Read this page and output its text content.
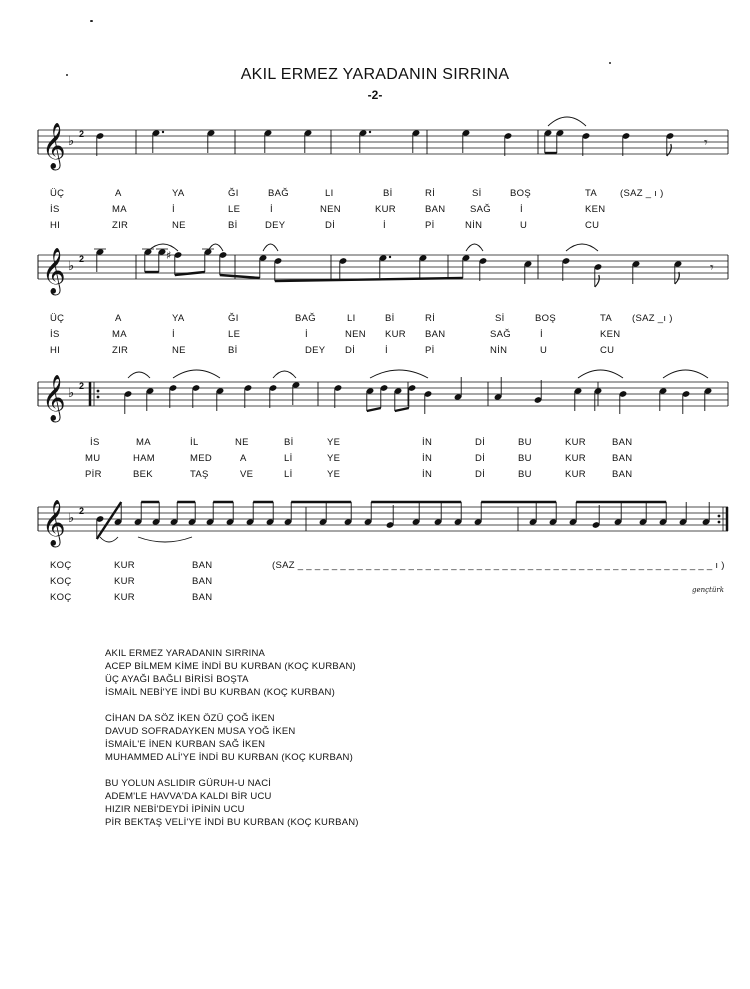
AKIL ERMEZ YARADANIN SIRRINA
-2-
𝄞 ♭ 2
𝄾
ÜÇ	A	YA	ĞI	BAĞ	LI	Bİ	Rİ	Sİ	BOŞ	TA (SAZ _ ı )
İS	MA	İ	LE	İ	NEN	KUR	BAN	SAĞ	İ	KEN
HI	ZIR	NE	Bİ	DEY	Dİ	İ	Pİ	NİN	U	CU
𝄞 ♭ 2	♯
𝄾
ÜÇ	A	YA	ĞI	BAĞ	LI	Bİ	Rİ	Sİ	BOŞ	TA (SAZ _ı )
İS	MA	İ	LE	İ	NEN KUR BAN	SAĞ	İ	KEN
HI	ZIR	NE	Bİ	DEY Dİ	İ	Pİ	NİN	U	CU
𝄞 ♭ 2
İS	MA	İL	NE	Bİ	YE	İN	Dİ	BU	KUR	BAN
MU	HAM	MED	A	Lİ	YE	İN	Dİ	BU	KUR	BAN
PİR	BEK	TAŞ	VE	Lİ	YE	İN	Dİ	BU	KUR	BAN
𝄞 ♭ 2
KOÇ	KUR	BAN	(SAZ _ _ _ _ _ _ _ _ _ _ _ _ _ _ _ _ _ _ _ _ _ _ _ _ _ _ _ _ _ _ _ _ _ _ _ _ _ _ _ _ _ _ _ _ _ _ _ _ _ ı )
KOÇ	KUR	BAN
KOÇ	KUR	BAN
gençtürk
AKIL ERMEZ YARADANIN SIRRINA
ACEP BİLMEM KİME İNDİ BU KURBAN (KOÇ KURBAN)
ÜÇ AYAĞI BAĞLI BİRİSİ BOŞTA
İSMAİL NEBİ'YE İNDİ BU KURBAN (KOÇ KURBAN)
CİHAN DA SÖZ İKEN ÖZÜ ÇOĞ İKEN
DAVUD SOFRADAYKEN MUSA YOĞ İKEN
İSMAİL'E İNEN KURBAN SAĞ İKEN
MUHAMMED ALİ'YE İNDİ BU KURBAN (KOÇ KURBAN)
BU YOLUN ASLIDIR GÜRUH-U NACİ
ADEM'LE HAVVA'DA KALDI BİR UCU
HIZIR NEBİ'DEYDİ İPİNİN UCU
PİR BEKTAŞ VELİ'YE İNDİ BU KURBAN (KOÇ KURBAN)
